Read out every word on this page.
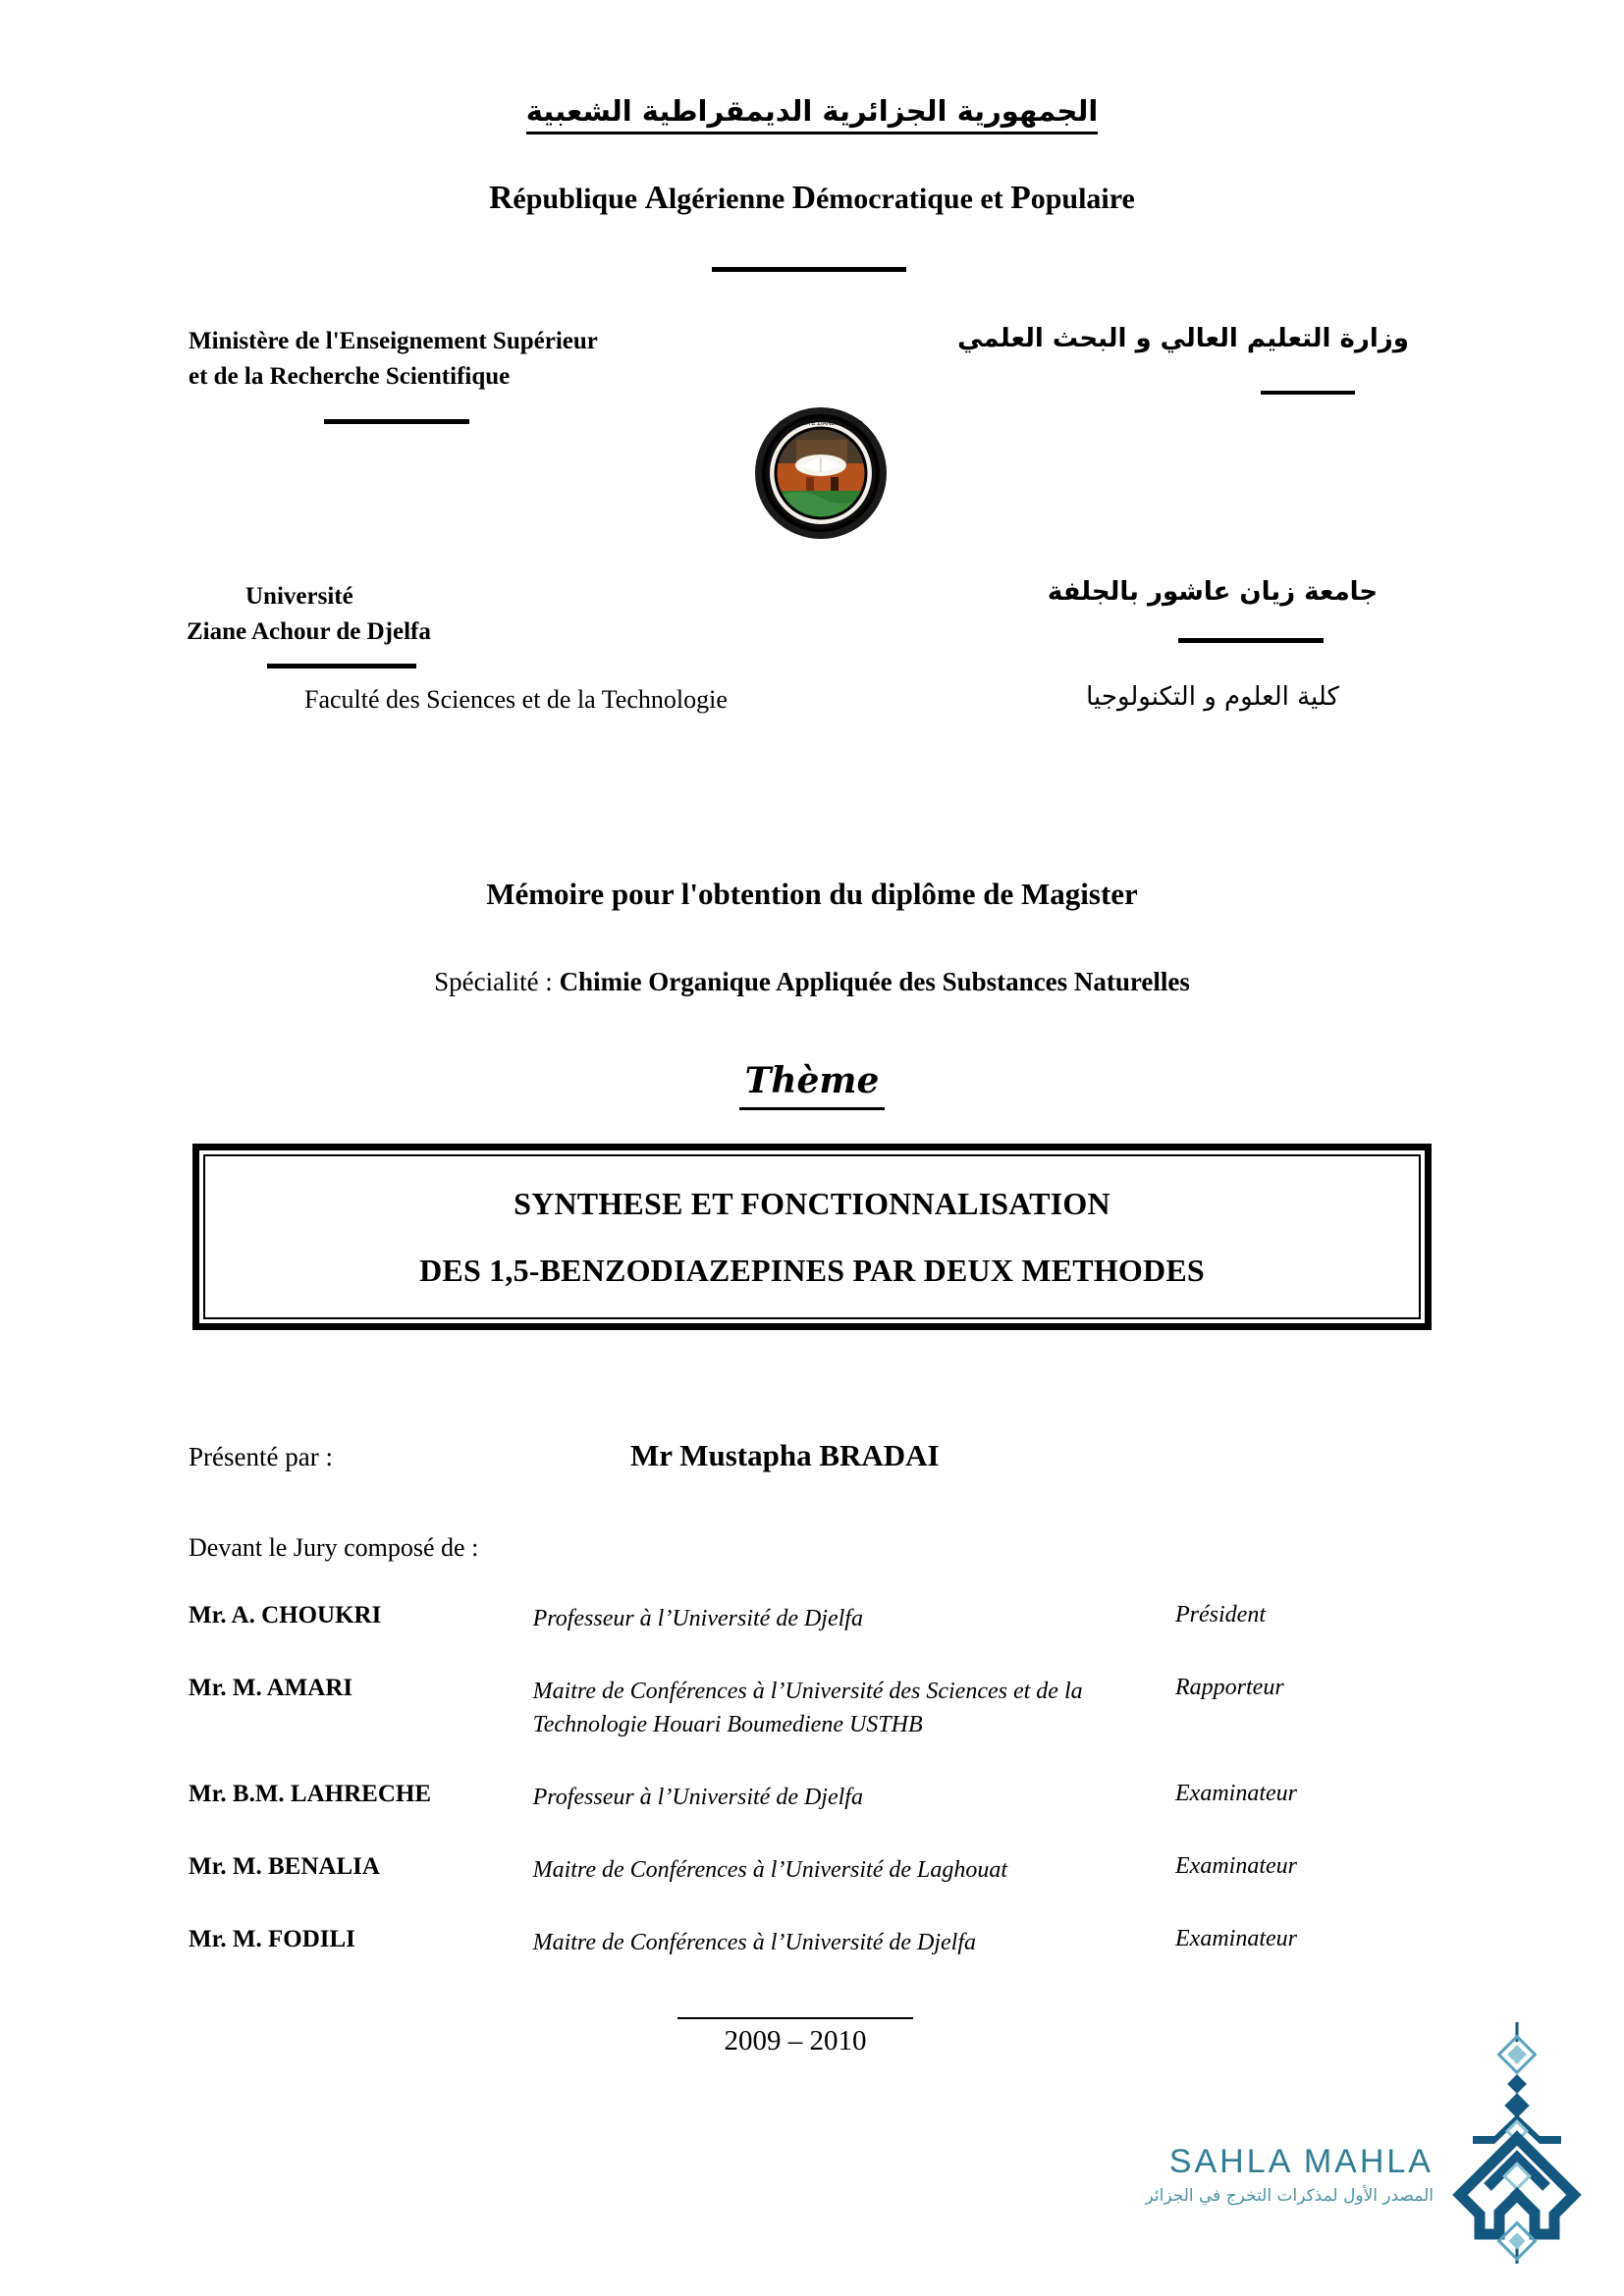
الجمهورية الجزائرية الديمقراطية الشعبية
République Algérienne Démocratique et Populaire
Ministère de l'Enseignement Supérieur
et de la Recherche Scientifique
وزارة التعليم العالي و البحث العلمي
UNIVERSITE ZIANE ACHOUR
DJELFA
Université
Ziane Achour de Djelfa
جامعة زيان عاشور بالجلفة
Faculté des Sciences et de la Technologie	كلية العلوم و التكنولوجيا
Mémoire pour l'obtention du diplôme de Magister
Spécialité : Chimie Organique Appliquée des Substances Naturelles
Thème
SYNTHESE ET FONCTIONNALISATION
DES 1,5-BENZODIAZEPINES PAR DEUX METHODES
Présenté par :	Mr Mustapha BRADAI
Devant le Jury composé de :
Mr. A. CHOUKRI	Professeur à l’Université de Djelfa	Président
Mr. M. AMARI	Maitre de Conférences à l’Université des Sciences et de la Technologie Houari Boumediene USTHB	Rapporteur
Mr. B.M. LAHRECHE	Professeur à l’Université de Djelfa	Examinateur
Mr. M. BENALIA	Maitre de Conférences à l’Université de Laghouat	Examinateur
Mr. M. FODILI	Maitre de Conférences à l’Université de Djelfa	Examinateur
2009 – 2010
SAHLA MAHLA
المصدر الأول لمذكرات التخرج في الجزائر
